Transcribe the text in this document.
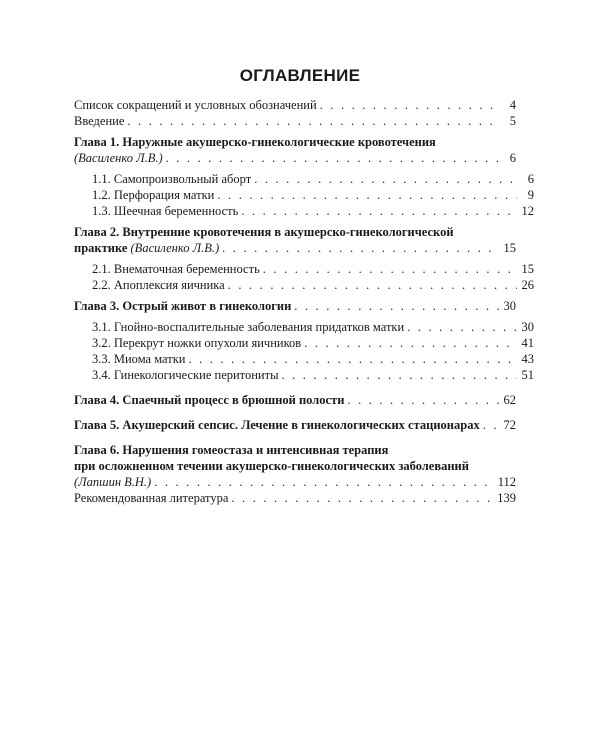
ОГЛАВЛЕНИЕ
Список сокращений и условных обозначений . . .	4
Введение . . .	5
Глава 1. Наружные акушерско-гинекологические кровотечения
(Василенко Л.В.) . . .	6
1.1. Самопроизвольный аборт . . .	6
1.2. Перфорация матки . . .	9
1.3. Шеечная беременность . . .	12
Глава 2. Внутренние кровотечения в акушерско-гинекологической
практике (Василенко Л.В.) . . .	15
2.1. Внематочная беременность . . .	15
2.2. Апоплексия яичника . . .	26
Глава 3. Острый живот в гинекологии . . .	30
3.1. Гнойно-воспалительные заболевания придатков матки . . .	30
3.2. Перекрут ножки опухоли яичников . . .	41
3.3. Миома матки . . .	43
3.4. Гинекологические перитониты . . .	51
Глава 4. Спаечный процесс в брюшной полости . . .	62
Глава 5. Акушерский сепсис. Лечение в гинекологических стационарах . . . 72
Глава 6. Нарушения гомеостаза и интенсивная терапия
при осложненном течении акушерско-гинекологических заболеваний
(Лапшин В.Н.) . . .	112
Рекомендованная литература . . .	139
